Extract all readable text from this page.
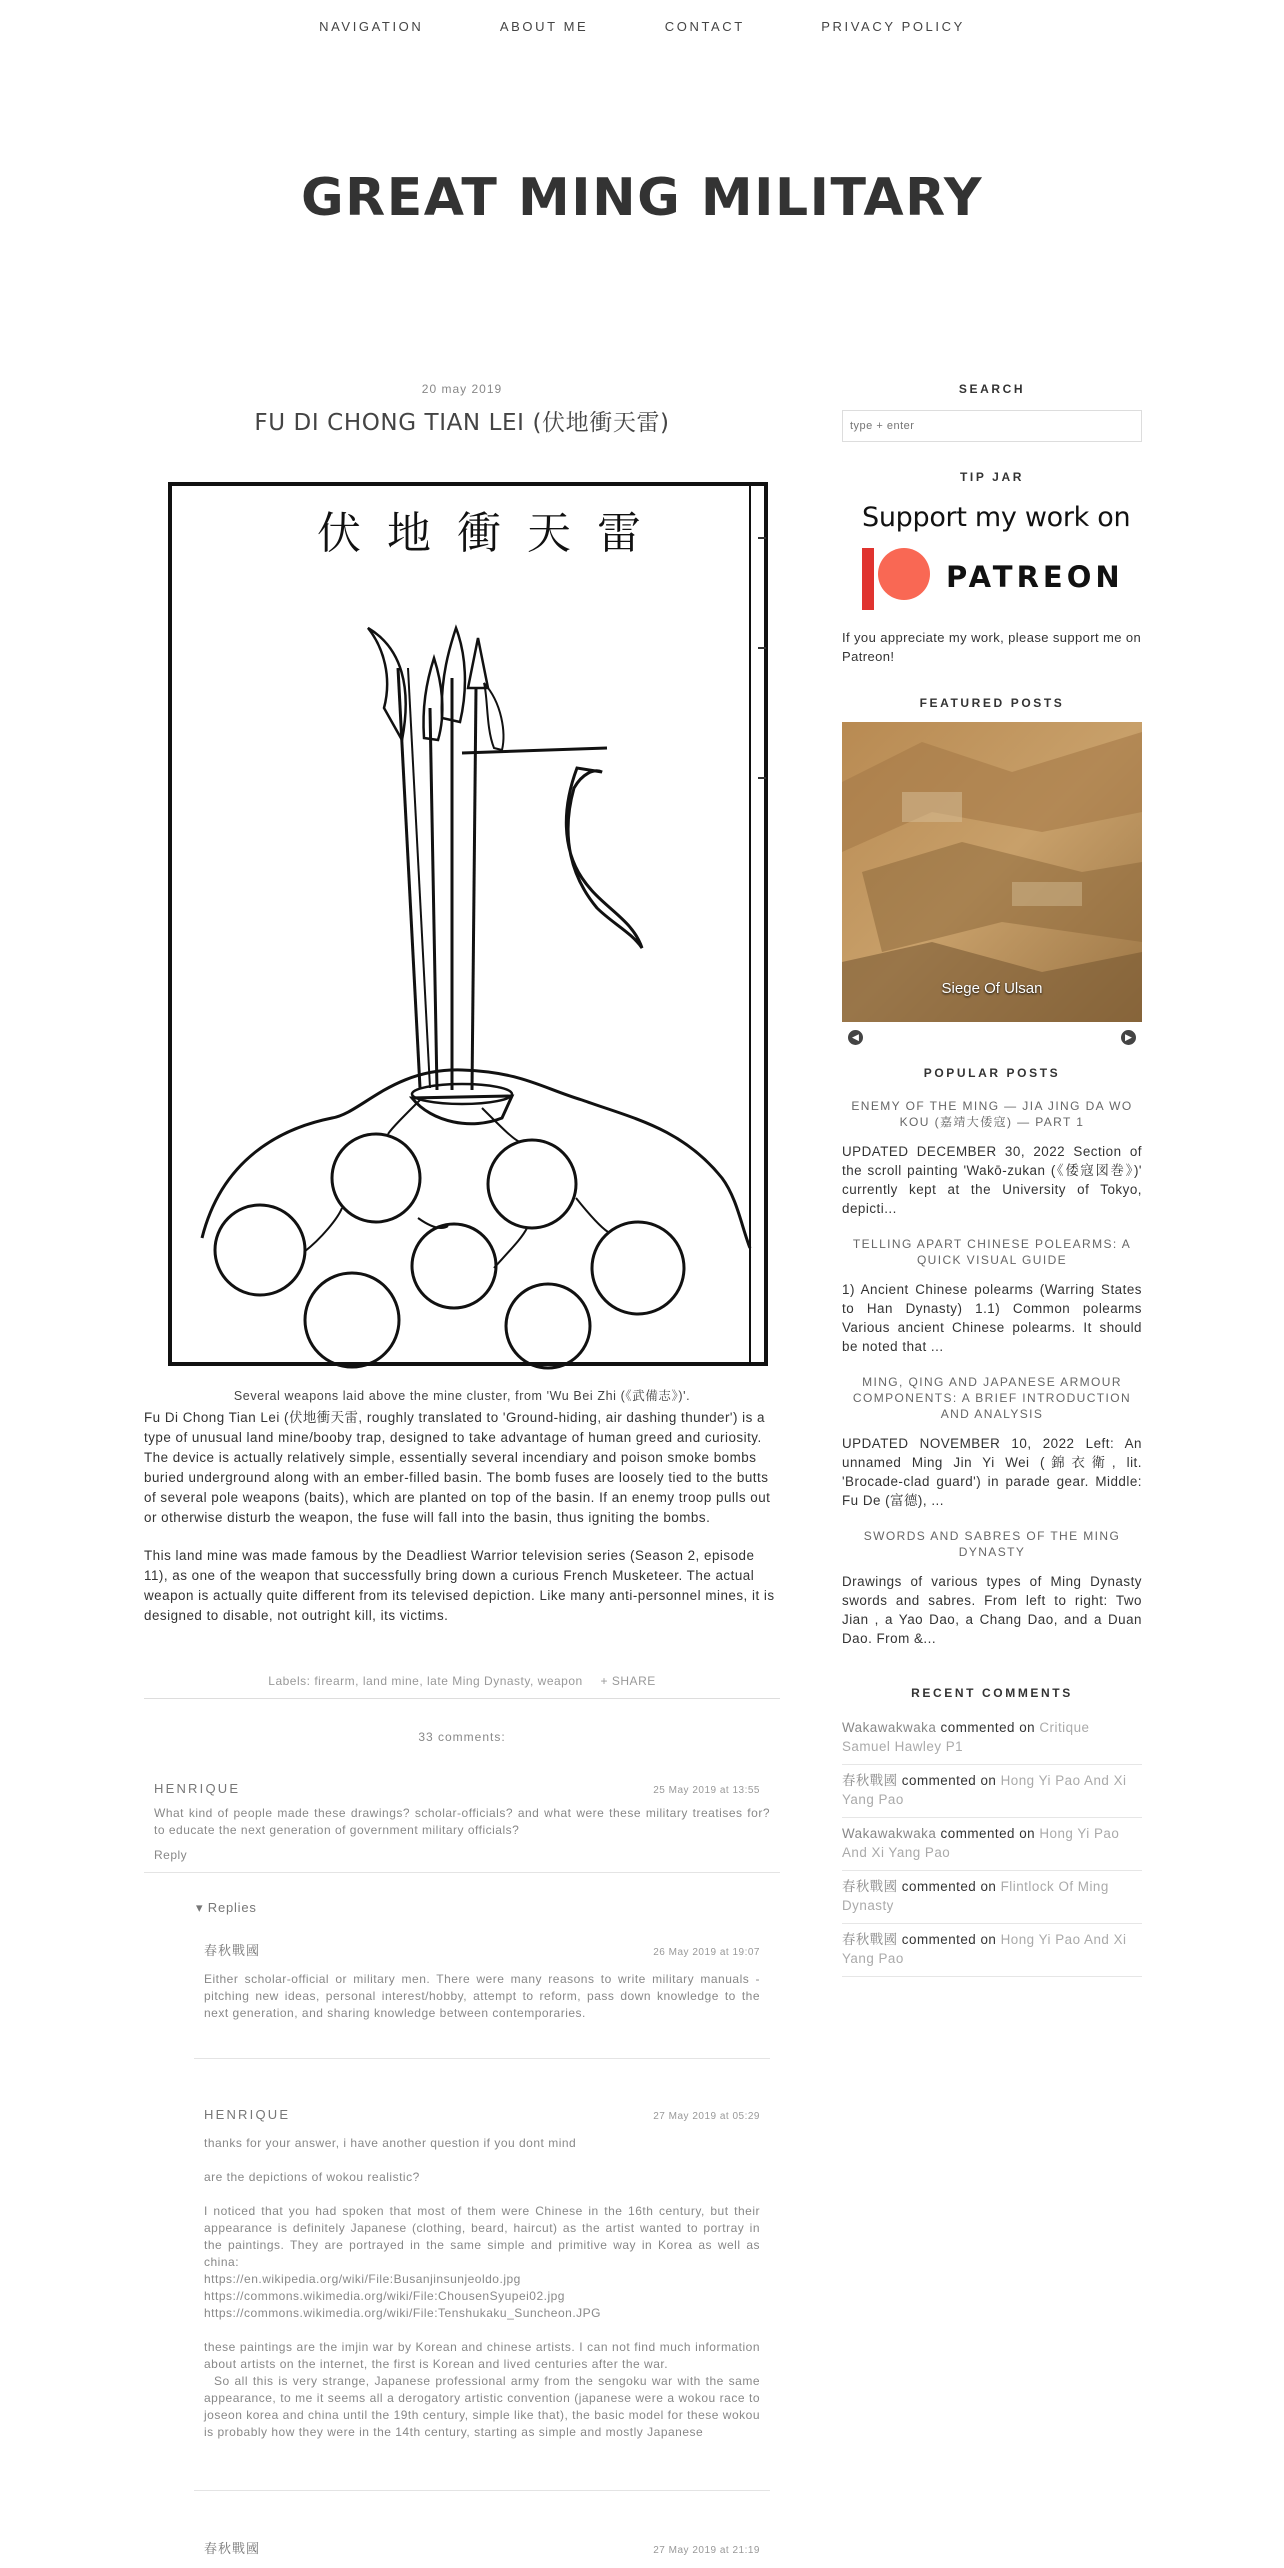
NAVIGATION	ABOUT ME	CONTACT	PRIVACY POLICY
GREAT MING MILITARY
20 may 2019
FU DI CHONG TIAN LEI (伏地衝天雷)
伏地衝天雷
Several weapons laid above the mine cluster, from 'Wu Bei Zhi (《武備志》)'.

Fu Di Chong Tian Lei (伏地衝天雷, roughly translated to 'Ground-hiding, air dashing thunder') is a type of unusual land mine/booby trap, designed to take advantage of human greed and curiosity. The device is actually relatively simple, essentially several incendiary and poison smoke bombs buried underground along with an ember-filled basin. The bomb fuses are loosely tied to the butts of several pole weapons (baits), which are planted on top of the basin. If an enemy troop pulls out or otherwise disturb the weapon, the fuse will fall into the basin, thus igniting the bombs.

This land mine was made famous by the Deadliest Warrior television series (Season 2, episode 11), as one of the weapon that successfully bring down a curious French Musketeer. The actual weapon is actually quite different from its televised depiction. Like many anti-personnel mines, it is designed to disable, not outright kill, its victims.

Labels: firearm, land mine, late Ming Dynasty, weapon + SHARE
33 comments:
HENRIQUE	25 May 2019 at 13:55
What kind of people made these drawings? scholar-officials? and what were these military treatises for? to educate the next generation of government military officials?
Reply
▾ Replies
春秋戰國	26 May 2019 at 19:07
Either scholar-official or military men. There were many reasons to write military manuals - pitching new ideas, personal interest/hobby, attempt to reform, pass down knowledge to the next generation, and sharing knowledge between contemporaries.
HENRIQUE	27 May 2019 at 05:29

thanks for your answer, i have another question if you dont mind

are the depictions of wokou realistic?

I noticed that you had spoken that most of them were Chinese in the 16th century, but their appearance is definitely Japanese (clothing, beard, haircut) as the artist wanted to portray in the paintings. They are portrayed in the same simple and primitive way in Korea as well as china:
https://en.wikipedia.org/wiki/File:Busanjinsunjeoldo.jpg
https://commons.wikimedia.org/wiki/File:ChousenSyupei02.jpg
https://commons.wikimedia.org/wiki/File:Tenshukaku_Suncheon.JPG

these paintings are the imjin war by Korean and chinese artists. I can not find much information about artists on the internet, the first is Korean and lived centuries after the war.
So all this is very strange, Japanese professional army from the sengoku war with the same appearance, to me it seems all a derogatory artistic convention (japanese were a wokou race to joseon korea and china until the 19th century, simple like that), the basic model for these wokou is probably how they were in the 14th century, starting as simple and mostly Japanese

春秋戰國	27 May 2019 at 21:19
SEARCH
type + enter
TIP JAR
Support my work on
PATREON
If you appreciate my work, please support me on Patreon!
FEATURED POSTS
Siege Of Ulsan
◀	▶
POPULAR POSTS
ENEMY OF THE MING — JIA JING DA WO KOU (嘉靖大倭寇) — PART 1
UPDATED DECEMBER 30, 2022 Section of the scroll painting 'Wakō-zukan (《倭寇図巻》)' currently kept at the University of Tokyo, depicti...
TELLING APART CHINESE POLEARMS: A QUICK VISUAL GUIDE
1) Ancient Chinese polearms (Warring States to Han Dynasty) 1.1) Common polearms Various ancient Chinese polearms. It should be noted that ...
MING, QING AND JAPANESE ARMOUR COMPONENTS: A BRIEF INTRODUCTION AND ANALYSIS
UPDATED NOVEMBER 10, 2022 Left: An unnamed Ming Jin Yi Wei (錦衣衛, lit. 'Brocade-clad guard') in parade gear. Middle: Fu De (富德), ...
SWORDS AND SABRES OF THE MING DYNASTY
Drawings of various types of Ming Dynasty swords and sabres. From left to right: Two Jian , a Yao Dao, a Chang Dao, and a Duan Dao. From &...
RECENT COMMENTS
Wakawakwaka commented on Critique Samuel Hawley P1
春秋戰國 commented on Hong Yi Pao And Xi Yang Pao
Wakawakwaka commented on Hong Yi Pao And Xi Yang Pao
春秋戰國 commented on Flintlock Of Ming Dynasty
春秋戰國 commented on Hong Yi Pao And Xi Yang Pao
